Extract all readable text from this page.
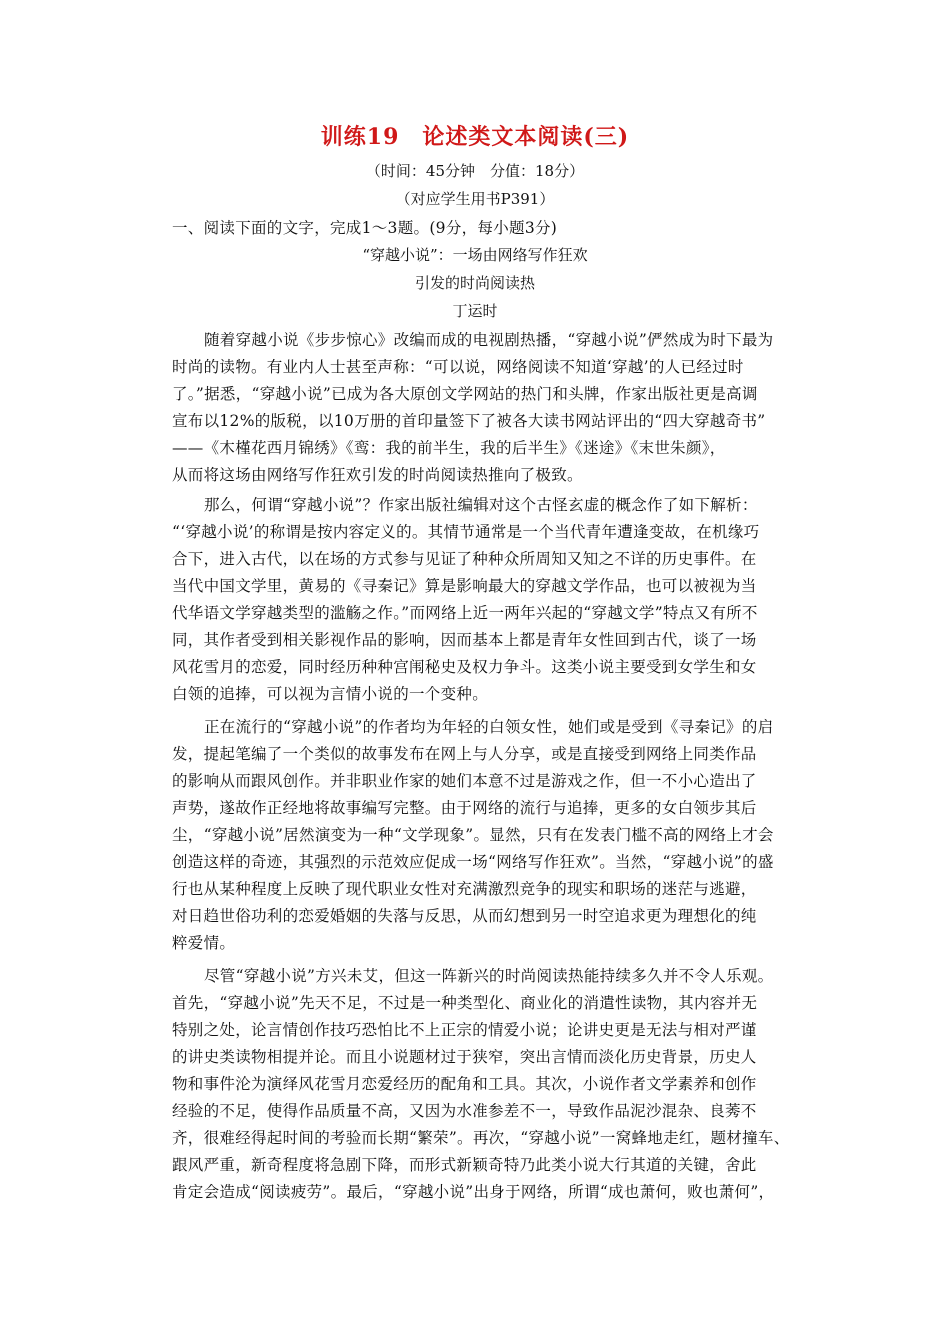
训练19　论述类文本阅读(三)
（时间：45分钟　分值：18分）
（对应学生用书P391）
一、阅读下面的文字，完成1～3题。(9分，每小题3分)
“穿越小说”：一场由网络写作狂欢
引发的时尚阅读热
丁运时
随着穿越小说《步步惊心》改编而成的电视剧热播，“穿越小说”俨然成为时下最为
时尚的读物。有业内人士甚至声称：“可以说，网络阅读不知道‘穿越’的人已经过时
了。”据悉，“穿越小说”已成为各大原创文学网站的热门和头牌，作家出版社更是高调
宣布以12%的版税，以10万册的首印量签下了被各大读书网站评出的“四大穿越奇书”
——《木槿花西月锦绣》《鸾：我的前半生，我的后半生》《迷途》《末世朱颜》，
从而将这场由网络写作狂欢引发的时尚阅读热推向了极致。
那么，何谓“穿越小说”？作家出版社编辑对这个古怪玄虚的概念作了如下解析：
“‘穿越小说’的称谓是按内容定义的。其情节通常是一个当代青年遭逢变故，在机缘巧
合下，进入古代，以在场的方式参与见证了种种众所周知又知之不详的历史事件。在
当代中国文学里，黄易的《寻秦记》算是影响最大的穿越文学作品，也可以被视为当
代华语文学穿越类型的滥觞之作。”而网络上近一两年兴起的“穿越文学”特点又有所不
同，其作者受到相关影视作品的影响，因而基本上都是青年女性回到古代，谈了一场
风花雪月的恋爱，同时经历种种宫闱秘史及权力争斗。这类小说主要受到女学生和女
白领的追捧，可以视为言情小说的一个变种。
正在流行的“穿越小说”的作者均为年轻的白领女性，她们或是受到《寻秦记》的启
发，提起笔编了一个类似的故事发布在网上与人分享，或是直接受到网络上同类作品
的影响从而跟风创作。并非职业作家的她们本意不过是游戏之作，但一不小心造出了
声势，遂故作正经地将故事编写完整。由于网络的流行与追捧，更多的女白领步其后
尘，“穿越小说”居然演变为一种“文学现象”。显然，只有在发表门槛不高的网络上才会
创造这样的奇迹，其强烈的示范效应促成一场“网络写作狂欢”。当然，“穿越小说”的盛
行也从某种程度上反映了现代职业女性对充满激烈竞争的现实和职场的迷茫与逃避，
对日趋世俗功利的恋爱婚姻的失落与反思，从而幻想到另一时空追求更为理想化的纯
粹爱情。
尽管“穿越小说”方兴未艾，但这一阵新兴的时尚阅读热能持续多久并不令人乐观。
首先，“穿越小说”先天不足，不过是一种类型化、商业化的消遣性读物，其内容并无
特别之处，论言情创作技巧恐怕比不上正宗的情爱小说；论讲史更是无法与相对严谨
的讲史类读物相提并论。而且小说题材过于狭窄，突出言情而淡化历史背景，历史人
物和事件沦为演绎风花雪月恋爱经历的配角和工具。其次，小说作者文学素养和创作
经验的不足，使得作品质量不高，又因为水准参差不一，导致作品泥沙混杂、良莠不
齐，很难经得起时间的考验而长期“繁荣”。再次，“穿越小说”一窝蜂地走红，题材撞车、
跟风严重，新奇程度将急剧下降，而形式新颖奇特乃此类小说大行其道的关键，舍此
肯定会造成“阅读疲劳”。最后，“穿越小说”出身于网络，所谓“成也萧何，败也萧何”，
